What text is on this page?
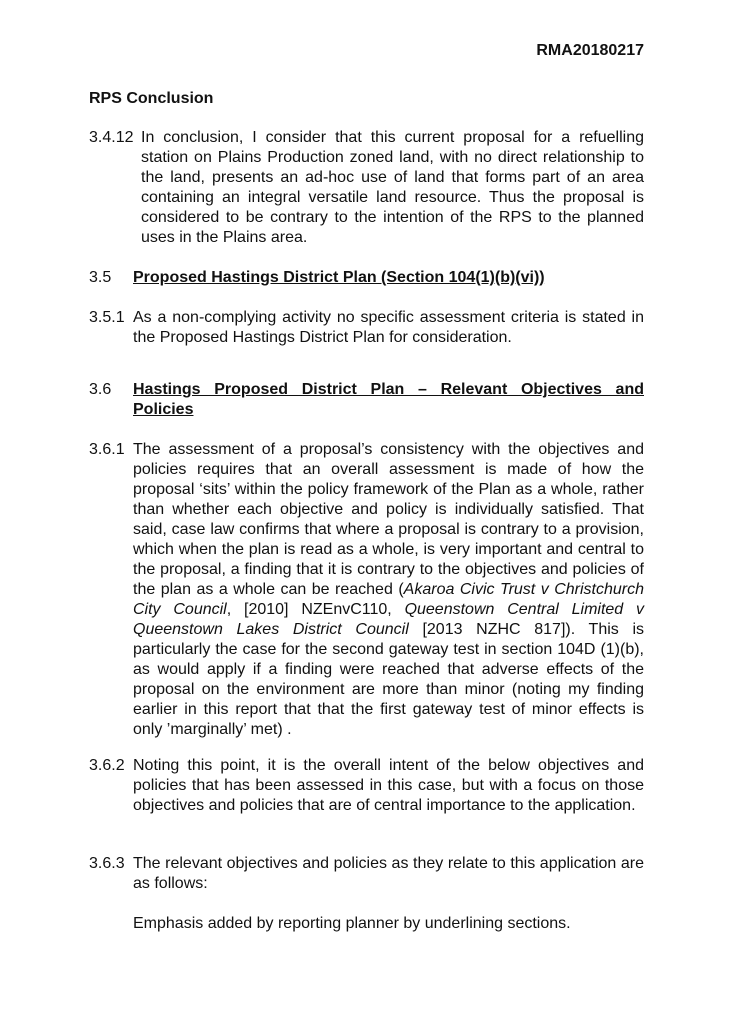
RMA20180217
RPS Conclusion
3.4.12 In conclusion, I consider that this current proposal for a refuelling station on Plains Production zoned land, with no direct relationship to the land, presents an ad-hoc use of land that forms part of an area containing an integral versatile land resource. Thus the proposal is considered to be contrary to the intention of the RPS to the planned uses in the Plains area.
3.5	Proposed Hastings District Plan (Section 104(1)(b)(vi))
3.5.1 As a non-complying activity no specific assessment criteria is stated in the Proposed Hastings District Plan for consideration.
3.6	Hastings Proposed District Plan – Relevant Objectives and Policies
3.6.1 The assessment of a proposal’s consistency with the objectives and policies requires that an overall assessment is made of how the proposal ‘sits’ within the policy framework of the Plan as a whole, rather than whether each objective and policy is individually satisfied. That said, case law confirms that where a proposal is contrary to a provision, which when the plan is read as a whole, is very important and central to the proposal, a finding that it is contrary to the objectives and policies of the plan as a whole can be reached (Akaroa Civic Trust v Christchurch City Council, [2010] NZEnvC110, Queenstown Central Limited v Queenstown Lakes District Council [2013 NZHC 817]). This is particularly the case for the second gateway test in section 104D (1)(b), as would apply if a finding were reached that adverse effects of the proposal on the environment are more than minor (noting my finding earlier in this report that that the first gateway test of minor effects is only ’marginally’ met) .
3.6.2 Noting this point, it is the overall intent of the below objectives and policies that has been assessed in this case, but with a focus on those objectives and policies that are of central importance to the application.
3.6.3 The relevant objectives and policies as they relate to this application are as follows:
Emphasis added by reporting planner by underlining sections.
